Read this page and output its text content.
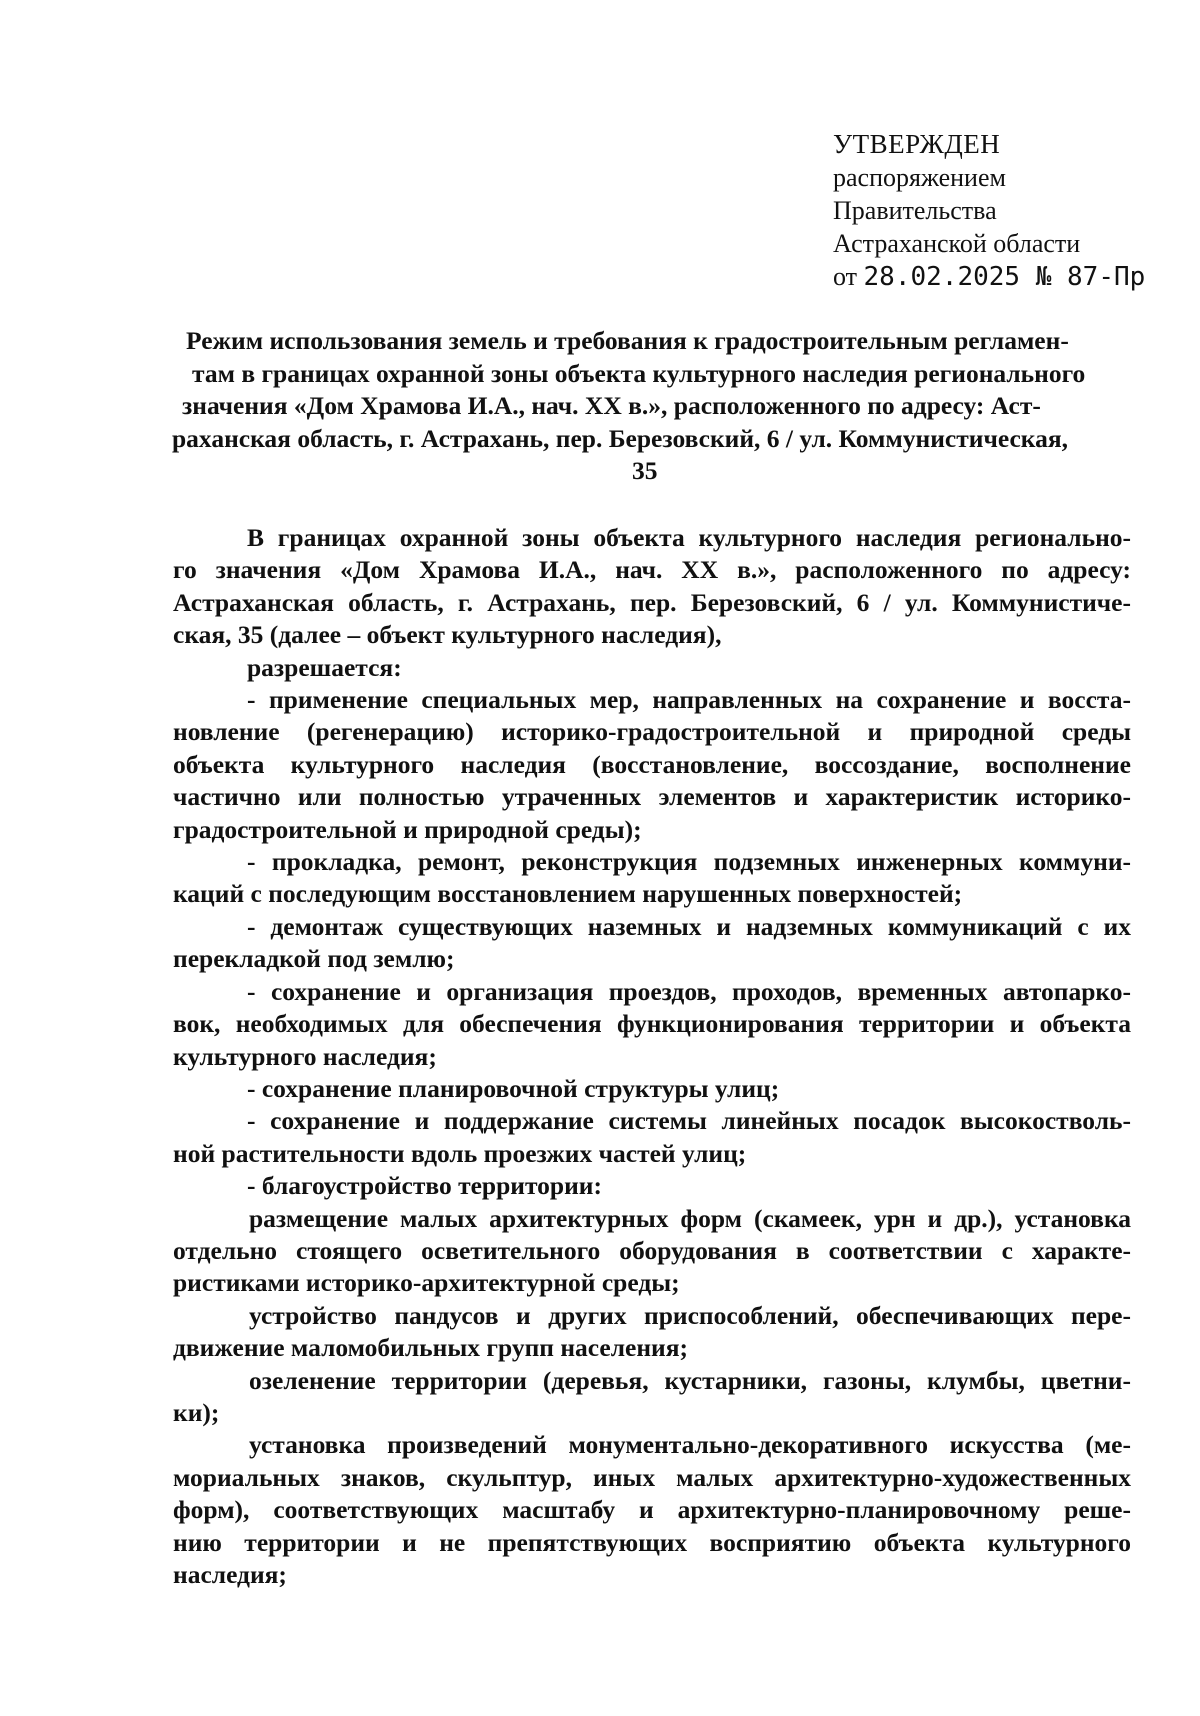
УТВЕРЖДЕН
распоряжением
Правительства
Астраханской области
от 28.02.2025 № 87-Пр
Режим использования земель и требования к градостроительным регламен-
там в границах охранной зоны объекта культурного наследия регионального
значения «Дом Храмова И.А., нач. XX в.», расположенного по адресу: Аст-
раханская область, г. Астрахань, пер. Березовский, 6 / ул. Коммунистическая,
35
В границах охранной зоны объекта культурного наследия регионально-
го значения «Дом Храмова И.А., нач. XX в.», расположенного по адресу:
Астраханская область, г. Астрахань, пер. Березовский, 6 / ул. Коммунистиче-
ская, 35 (далее – объект культурного наследия),
разрешается:
- применение специальных мер, направленных на сохранение и восста-
новление (регенерацию) историко-градостроительной и природной среды
объекта культурного наследия (восстановление, воссоздание, восполнение
частично или полностью утраченных элементов и характеристик историко-
градостроительной и природной среды);
- прокладка, ремонт, реконструкция подземных инженерных коммуни-
каций с последующим восстановлением нарушенных поверхностей;
- демонтаж существующих наземных и надземных коммуникаций с их
перекладкой под землю;
- сохранение и организация проездов, проходов, временных автопарко-
вок, необходимых для обеспечения функционирования территории и объекта
культурного наследия;
- сохранение планировочной структуры улиц;
- сохранение и поддержание системы линейных посадок высокостволь-
ной растительности вдоль проезжих частей улиц;
- благоустройство территории:
размещение малых архитектурных форм (скамеек, урн и др.), установка
отдельно стоящего осветительного оборудования в соответствии с характе-
ристиками историко-архитектурной среды;
устройство пандусов и других приспособлений, обеспечивающих пере-
движение маломобильных групп населения;
озеленение территории (деревья, кустарники, газоны, клумбы, цветни-
ки);
установка произведений монументально-декоративного искусства (ме-
мориальных знаков, скульптур, иных малых архитектурно-художественных
форм), соответствующих масштабу и архитектурно-планировочному реше-
нию территории и не препятствующих восприятию объекта культурного
наследия;
